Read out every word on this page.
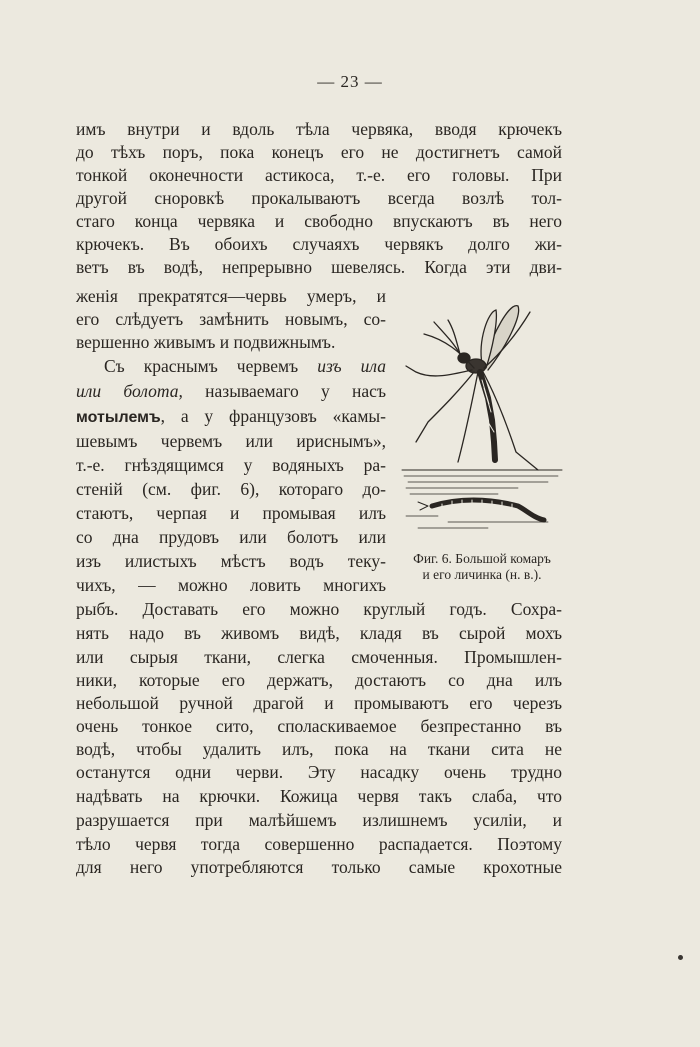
— 23 —
имъ внутри и вдоль тѣла червяка, вводя крючекъ
до тѣхъ поръ, пока конецъ его не достигнетъ самой
тонкой оконечности астикоса, т.-е. его головы. При
другой сноровкѣ прокалываютъ всегда возлѣ тол-
стаго конца червяка и свободно впускаютъ въ него
крючекъ. Въ обоихъ случаяхъ червякъ долго жи-
ветъ въ водѣ, непрерывно шевелясь. Когда эти дви-
женія прекратятся—червь умеръ, и
его слѣдуетъ замѣнить новымъ, со-
вершенно живымъ и подвижнымъ.
Съ краснымъ червемъ изъ ила
или болота, называемаго у насъ
мотылемъ, а у французовъ «камы-
шевымъ червемъ или ириснымъ»,
т.-е. гнѣздящимся у водяныхъ ра-
стеній (см. фиг. 6), котораго до-
стаютъ, черпая и промывая илъ
со дна прудовъ или болотъ или
изъ илистыхъ мѣстъ водъ теку-
чихъ, — можно ловить многихъ
Фиг. 6. Большой комаръ
и его личинка (н. в.).
рыбъ. Доставать его можно круглый годъ. Сохра-
нять надо въ живомъ видѣ, кладя въ сырой мохъ
или сырыя ткани, слегка смоченныя. Промышлен-
ники, которые его держатъ, достаютъ со дна илъ
небольшой ручной драгой и промываютъ его черезъ
очень тонкое сито, споласкиваемое безпрестанно въ
водѣ, чтобы удалить илъ, пока на ткани сита не
останутся одни черви. Эту насадку очень трудно
надѣвать на крючки. Кожица червя такъ слаба, что
разрушается при малѣйшемъ излишнемъ усиліи, и
тѣло червя тогда совершенно распадается. Поэтому
для него употребляются только самые крохотные
